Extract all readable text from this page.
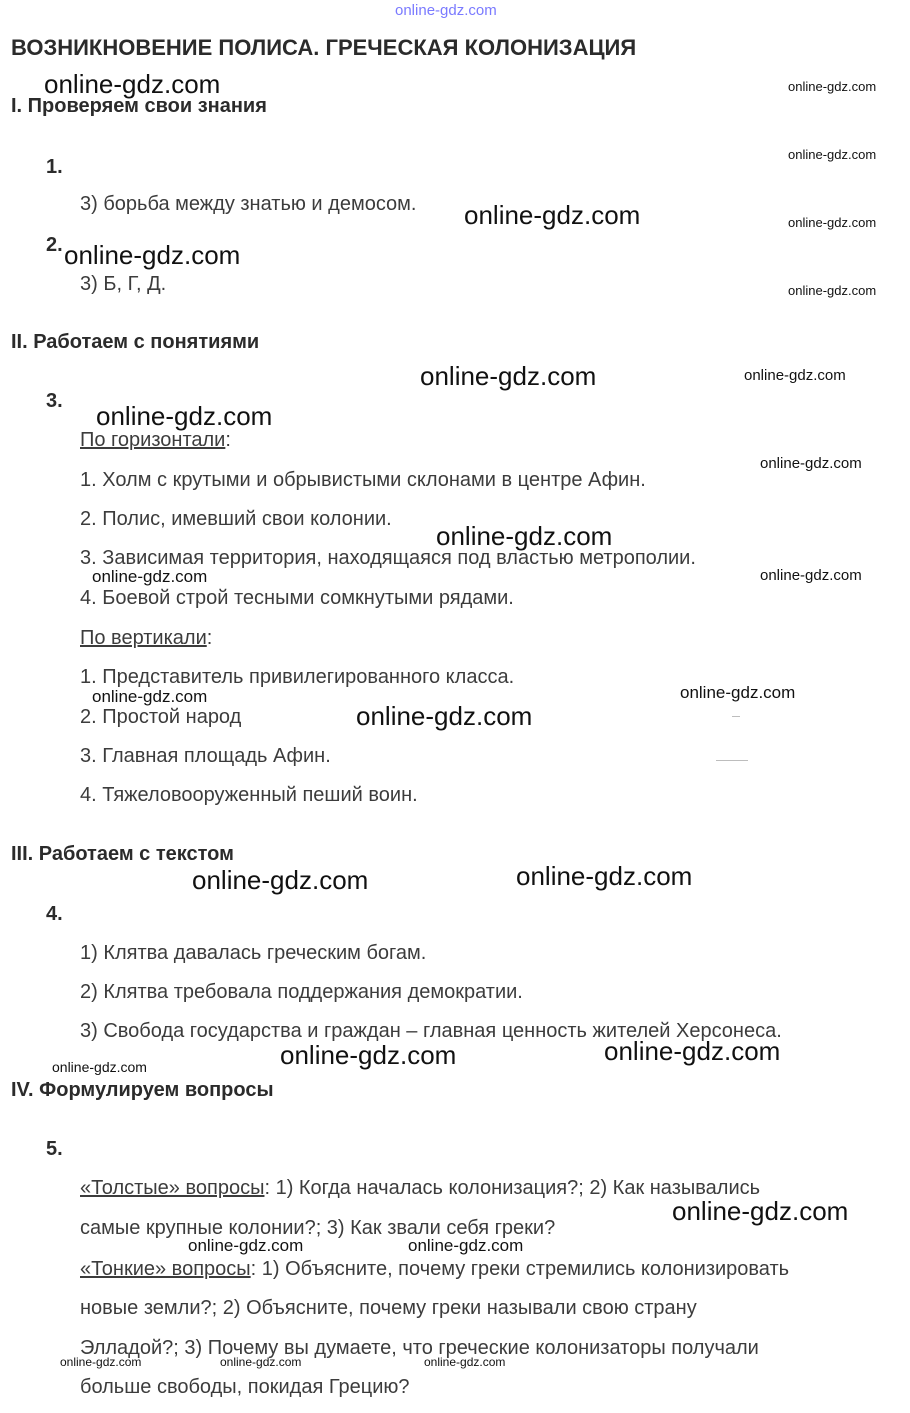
online-gdz.com
ВОЗНИКНОВЕНИЕ ПОЛИСА. ГРЕЧЕСКАЯ КОЛОНИЗАЦИЯ
I. Проверяем свои знания
1.
3) борьба между знатью и демосом.
2.
3) Б, Г, Д.
II. Работаем с понятиями
3.
По горизонтали:
1. Холм с крутыми и обрывистыми склонами в центре Афин.
2. Полис, имевший свои колонии.
3. Зависимая территория, находящаяся под властью метрополии.
4. Боевой строй тесными сомкнутыми рядами.
По вертикали:
1. Представитель привилегированного класса.
2. Простой народ
3. Главная площадь Афин.
4. Тяжеловооруженный пеший воин.
III. Работаем с текстом
4.
1) Клятва давалась греческим богам.
2) Клятва требовала поддержания демократии.
3) Свобода государства и граждан – главная ценность жителей Херсонеса.
IV. Формулируем вопросы
5.
«Толстые» вопросы: 1) Когда началась колонизация?; 2) Как назывались
самые крупные колонии?; 3) Как звали себя греки?
«Тонкие» вопросы: 1) Объясните, почему греки стремились колонизировать
новые земли?; 2) Объясните, почему греки называли свою страну
Элладой?; 3) Почему вы думаете, что греческие колонизаторы получали
больше свободы, покидая Грецию?
online-gdz.com
online-gdz.com
online-gdz.com
online-gdz.com
online-gdz.com
online-gdz.com
online-gdz.com
online-gdz.com	online-gdz.com
online-gdz.com	online-gdz.com
online-gdz.com
online-gdz.com
online-gdz.com
online-gdz.com
online-gdz.com
online-gdz.com
online-gdz.com
online-gdz.com
online-gdz.com
online-gdz.com	online-gdz.com
online-gdz.com
online-gdz.com	online-gdz.com
online-gdz.com	online-gdz.com	online-gdz.com
